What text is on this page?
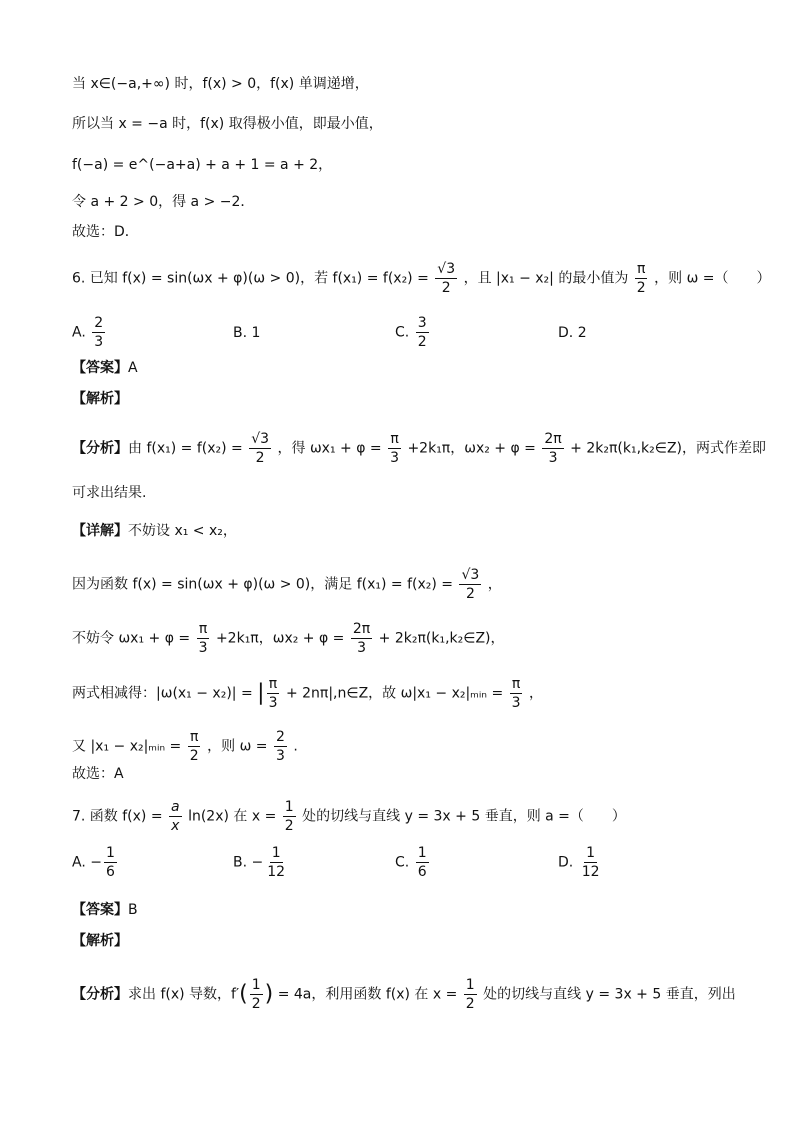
当 x∈(−a,+∞) 时，f(x) > 0，f(x) 单调递增，
所以当 x = −a 时，f(x) 取得极小值，即最小值，
f(−a) = e^(−a+a) + a + 1 = a + 2，
令 a + 2 > 0，得 a > −2．
故选：D．
6. 已知 f(x) = sin(ωx + φ)(ω > 0)，若 $f(x_1) = f(x_2) = \frac{√3}{2}$ ，且 |x₁ − x₂| 的最小值为 $\frac{\pi}{2}$ ，则 ω =（　　）
A. $\frac{2}{3}$	B. 1	C. $\frac{3}{2}$	D. 2
【答案】A
【解析】
【分析】由 $f(x_1) = f(x_2) = \frac{√3}{2}$ ，得 $\omega x_1 + \varphi = \frac{\pi}{3} +2k_1\pi$，$\omega x_2 + \varphi = \frac{2\pi}{3}$ + 2k₂π(k₁,k₂∈Z)，两式作差即
可求出结果.
【详解】不妨设 x₁ < x₂，
因为函数 f(x) = sin(ωx + φ)(ω > 0)，满足 $f(x_1) = f(x_2) = \frac{√3}{2}$ ，
不妨令 $\omega x_1 + \varphi = \frac{\pi}{3} +2k_1\pi$，$\omega x_2 + \varphi = \frac{2\pi}{3}$ + 2k₂π(k₁,k₂∈Z)，
两式相减得：|ω(x₁ − x₂)| = | $\frac{\pi}{3}$ + 2nπ|,n∈Z，故 ω|x₁ − x₂|ₘᵢₙ = $\frac{\pi}{3}$ ，
又 |x₁ − x₂|ₘᵢₙ = $\frac{\pi}{2}$ ，则 $\omega = \frac{2}{3}$ .
故选：A
7. 函数 $f(x) = \frac{a}{x} \ln(2x)$ 在 $x = \frac{1}{2}$ 处的切线与直线 y = 3x + 5 垂直，则 a =（　　）
A. − $\frac{1}{6}$	B. − $\frac{1}{12}$	C. $\frac{1}{6}$	D. $\frac{1}{12}$
【答案】B
【解析】
【分析】求出 f(x) 导数，$f'( \frac{1}{2}$ ) = 4a，利用函数 f(x) 在 $x = \frac{1}{2}$ 处的切线与直线 y = 3x + 5 垂直，列出
